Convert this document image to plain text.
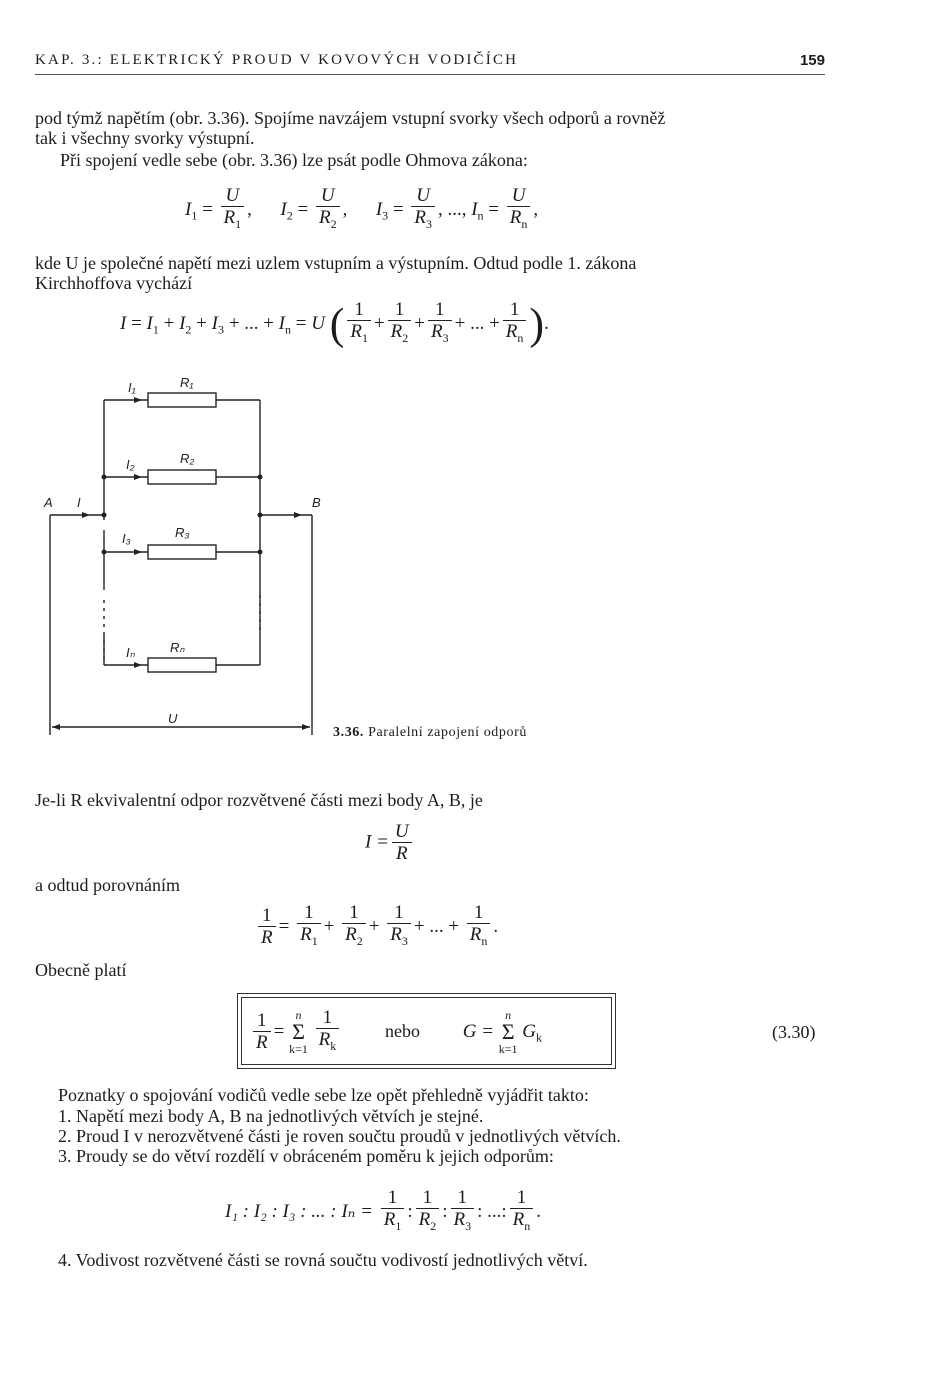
KAP. 3.: ELEKTRICKÝ PROUD V KOVOVÝCH VODIČÍCH	159
pod týmž napětím (obr. 3.36). Spojíme navzájem vstupní svorky všech odporů a rovněž
tak i všechny svorky výstupní.
Při spojení vedle sebe (obr. 3.36) lze psát podle Ohmova zákona:
$I_1 = \frac{U}{R_1}$ , $I_2 = \frac{U}{R_2}$ , $I_3 = \frac{U}{R_3}$ , ..., $I_n = \frac{U}{R_n}$ ,
kde U je společné napětí mezi uzlem vstupním a výstupním. Odtud podle 1. zákona
Kirchhoffova vychází
$I = I_1 + I_2 + I_3$ + ... + $I_n = U$ ( $\frac{1}{R_1} + \frac{1}{R_2} + \frac{1}{R_3}$ + ... + $\frac{1}{R_n}$ ).
I₁	R₁
I₂	R₂
I₃	R₃
Iₙ	Rₙ
A I	B
U
3.36. Paralelní zapojení odporů
Je-li R ekvivalentní odpor rozvětvené části mezi body A, B, je
$I = \frac{U}{R}$
a odtud porovnáním
$\frac{1}{R} = \frac{1}{R_1} + \frac{1}{R_2} + \frac{1}{R_3}$ + ... + $\frac{1}{R_n}$ .
Obecně platí
$\frac{1}{R}$ =
n
Σ
k=1
$\frac{1}{R_k}$	nebo G =
n
Σ
k=1
$G_k$	(3.30)
Poznatky o spojování vodičů vedle sebe lze opět přehledně vyjádřit takto:
1. Napětí mezi body A, B na jednotlivých větvích je stejné.
2. Proud I v nerozvětvené části je roven součtu proudů v jednotlivých větvích.
3. Proudy se do větví rozdělí v obráceném poměru k jejich odporům:
I₁ : I₂ : I₃ : ... : $I_n = \frac{1}{R_1}$ : $\frac{1}{R_2}$ : $\frac{1}{R_3}$ : ...: $\frac{1}{R_n}$ .
4. Vodivost rozvětvené části se rovná součtu vodivostí jednotlivých větví.
